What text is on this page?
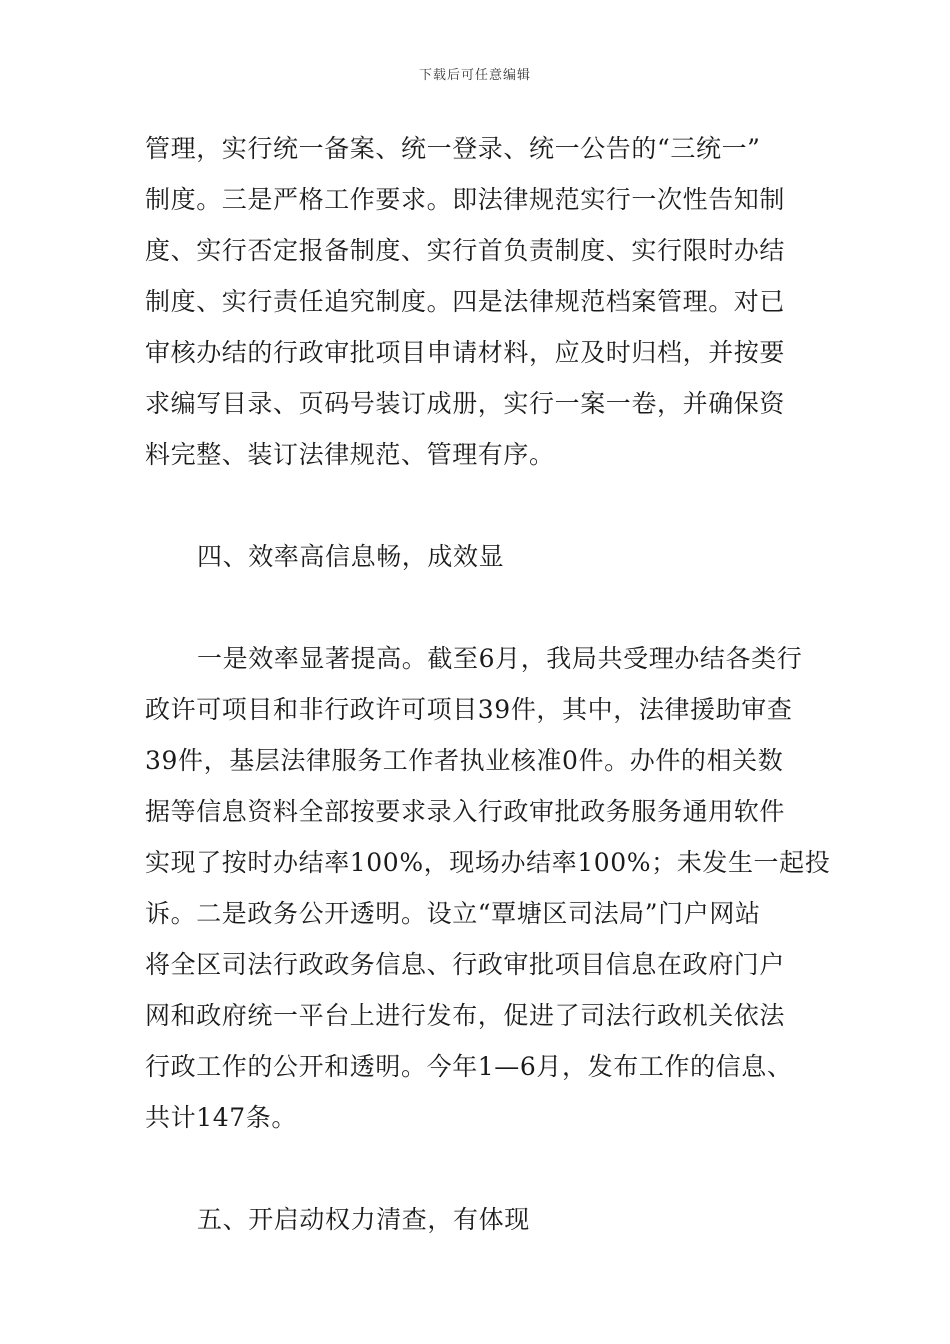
下载后可任意编辑
管理，实行统一备案、统一登录、统一公告的“三统一”
制度。三是严格工作要求。即法律规范实行一次性告知制
度、实行否定报备制度、实行首负责制度、实行限时办结
制度、实行责任追究制度。四是法律规范档案管理。对已
审核办结的行政审批项目申请材料，应及时归档，并按要
求编写目录、页码号装订成册，实行一案一卷，并确保资
料完整、装订法律规范、管理有序。
四、效率高信息畅，成效显
一是效率显著提高。截至6月，我局共受理办结各类行
政许可项目和非行政许可项目39件，其中，法律援助审查
39件，基层法律服务工作者执业核准0件。办件的相关数
据等信息资料全部按要求录入行政审批政务服务通用软件
实现了按时办结率100%，现场办结率100%；未发生一起投
诉。二是政务公开透明。设立“覃塘区司法局”门户网站
将全区司法行政政务信息、行政审批项目信息在政府门户
网和政府统一平台上进行发布，促进了司法行政机关依法
行政工作的公开和透明。今年1—6月，发布工作的信息、
共计147条。
五、开启动权力清查，有体现
